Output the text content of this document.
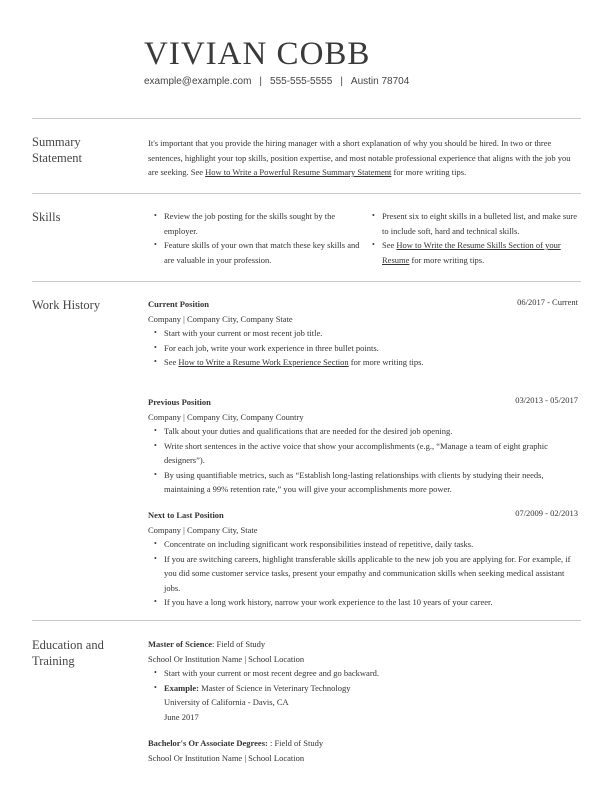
VIVIAN COBB
example@example.com | 555-555-5555 | Austin 78704
Summary
Statement
It's important that you provide the hiring manager with a short explanation of why you should be hired. In two or three sentences, highlight your top skills, position expertise, and most notable professional experience that aligns with the job you are seeking. See How to Write a Powerful Resume Summary Statement for more writing tips.
Skills
•	Review the job posting for the skills sought by the employer.
• Feature skills of your own that match these key skills and are valuable in your profession.
• Present six to eight skills in a bulleted list, and make sure to include soft, hard and technical skills.
• See How to Write the Resume Skills Section of your Resume for more writing tips.
Work History	Current Position
Company | Company City, Company State
• Start with your current or most recent job title.
• For each job, write your work experience in three bullet points.
• See How to Write a Resume Work Experience Section for more writing tips.
06/2017 - Current
Previous Position
Company | Company City, Company Country
• Talk about your duties and qualifications that are needed for the desired job opening.
• Write short sentences in the active voice that show your accomplishments (e.g., “Manage a team of eight graphic designers”).
• By using quantifiable metrics, such as “Establish long-lasting relationships with clients by studying their needs, maintaining a 99% retention rate,” you will give your accomplishments more power.
03/2013 - 05/2017
Next to Last Position
Company | Company City, State
• Concentrate on including significant work responsibilities instead of repetitive, daily tasks.
• If you are switching careers, highlight transferable skills applicable to the new job you are applying for. For example, if you did some customer service tasks, present your empathy and communication skills when seeking medical assistant jobs.
• If you have a long work history, narrow your work experience to the last 10 years of your career.
07/2009 - 02/2013
Education and
Training
Master of Science: Field of Study
School Or Institution Name | School Location
• Start with your current or most recent degree and go backward.
• Example: Master of Science in Veterinary Technology
University of California - Davis, CA
June 2017
Bachelor's Or Associate Degrees: : Field of Study
School Or Institution Name | School Location
